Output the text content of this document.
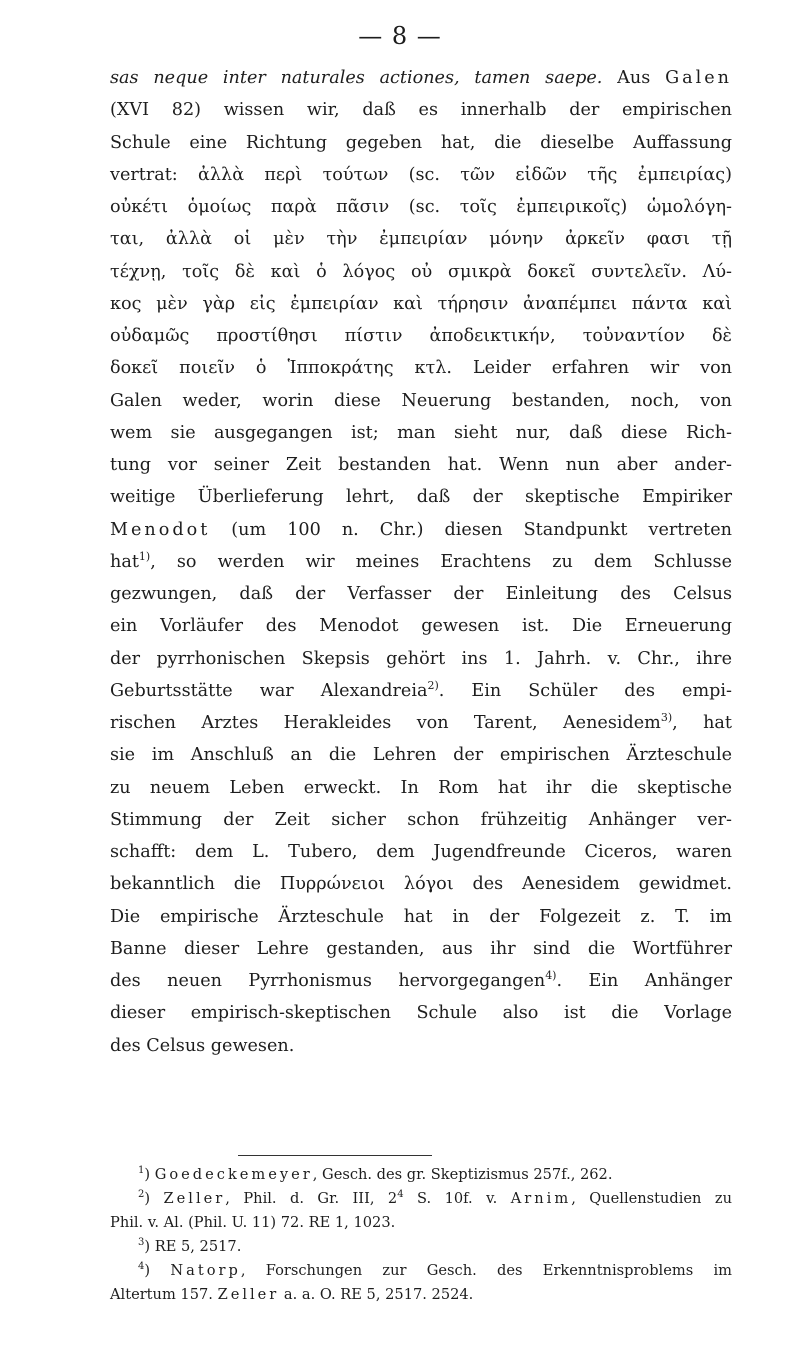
— 8 —
sas neque inter naturales actiones, tamen saepe. Aus Galen
(XVI 82) wissen wir, daß es innerhalb der empirischen
Schule eine Richtung gegeben hat, die dieselbe Auffassung
vertrat: ἀλλὰ περὶ τούτων (sc. τῶν εἰδῶν τῆς ἐμπειρίας)
οὐκέτι ὁμοίως παρὰ πᾶσιν (sc. τοῖς ἐμπειρικοῖς) ὡμολόγη-
ται, ἀλλὰ οἱ μὲν τὴν ἐμπειρίαν μόνην ἀρκεῖν φασι τῇ
τέχνῃ, τοῖς δὲ καὶ ὁ λόγος οὐ σμικρὰ δοκεῖ συντελεῖν. Λύ-
κος μὲν γὰρ εἰς ἐμπειρίαν καὶ τήρησιν ἀναπέμπει πάντα καὶ
οὐδαμῶς προστίθησι πίστιν ἀποδεικτικήν, τοὐναντίον δὲ
δοκεῖ ποιεῖν ὁ Ἱπποκράτης κτλ. Leider erfahren wir von
Galen weder, worin diese Neuerung bestanden, noch, von
wem sie ausgegangen ist; man sieht nur, daß diese Rich-
tung vor seiner Zeit bestanden hat. Wenn nun aber ander-
weitige Überlieferung lehrt, daß der skeptische Empiriker
Menodot (um 100 n. Chr.) diesen Standpunkt vertreten
hat$^{1)}$, so werden wir meines Erachtens zu dem Schlusse
gezwungen, daß der Verfasser der Einleitung des Celsus
ein Vorläufer des Menodot gewesen ist. Die Erneuerung
der pyrrhonischen Skepsis gehört ins 1. Jahrh. v. Chr., ihre
Geburtsstätte war Alexandreia$^{2)}$. Ein Schüler des empi-
rischen Arztes Herakleides von Tarent, Aenesidem$^{3)}$, hat
sie im Anschluß an die Lehren der empirischen Ärzteschule
zu neuem Leben erweckt. In Rom hat ihr die skeptische
Stimmung der Zeit sicher schon frühzeitig Anhänger ver-
schafft: dem L. Tubero, dem Jugendfreunde Ciceros, waren
bekanntlich die Πυρρώνειοι λόγοι des Aenesidem gewidmet.
Die empirische Ärzteschule hat in der Folgezeit z. T. im
Banne dieser Lehre gestanden, aus ihr sind die Wortführer
des neuen Pyrrhonismus hervorgegangen$^{4)}$. Ein Anhänger
dieser empirisch-skeptischen Schule also ist die Vorlage
des Celsus gewesen.
$^1$) Goedeckemeyer, Gesch. des gr. Skeptizismus 257f., 262.
$^2$) Zeller, Phil. d. Gr. III, 2$^4$ S. 10f. v. Arnim, Quellenstudien zu
Phil. v. Al. (Phil. U. 11) 72. RE 1, 1023.
$^3$) RE 5, 2517.
$^4$) Natorp, Forschungen zur Gesch. des Erkenntnisproblems im
Altertum 157. Zeller a. a. O. RE 5, 2517. 2524.
